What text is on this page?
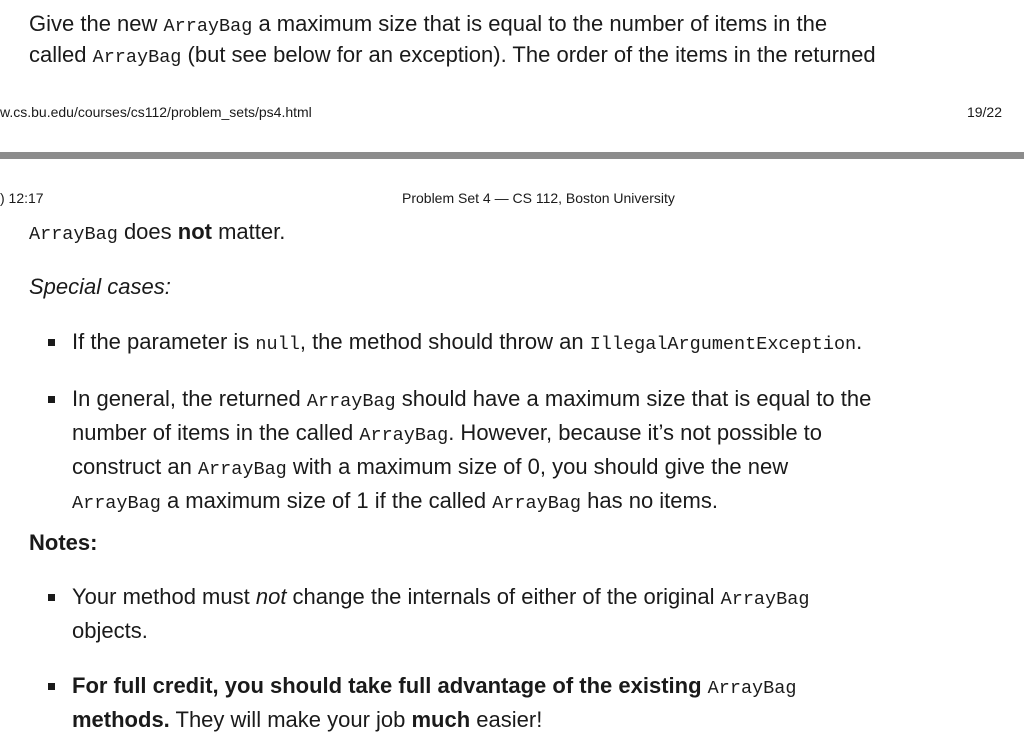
Give the new ArrayBag a maximum size that is equal to the number of items in the

called ArrayBag (but see below for an exception). The order of the items in the returned

w.cs.bu.edu/courses/cs112/problem_sets/ps4.html	19/22
) 12:17	Problem Set 4 — CS 112, Boston University

ArrayBag does not matter.

Special cases:

If the parameter is null, the method should throw an IllegalArgumentException.
In general, the returned ArrayBag should have a maximum size that is equal to the
number of items in the called ArrayBag. However, because it’s not possible to
construct an ArrayBag with a maximum size of 0, you should give the new
ArrayBag a maximum size of 1 if the called ArrayBag has no items.

Notes:

Your method must not change the internals of either of the original ArrayBag
objects.
For full credit, you should take full advantage of the existing ArrayBag
methods. They will make your job much easier!
